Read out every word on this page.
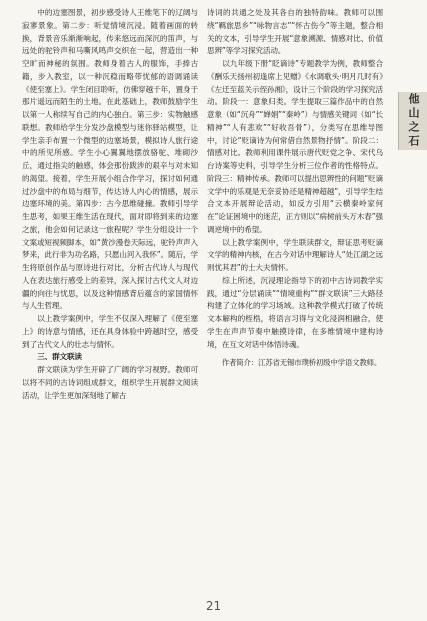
中的边塞图景，初步感受诗人王维笔下的辽阔与寂寥景象。第二步：听觉情境沉浸。随着画面的转换，背景音乐渐渐响起，传来悠远而深沉的笛声，与远处的驼铃声和马嘶风鸣声交织在一起，营造出一种空旷而神秘的氛围。教师身着古人的服饰，手捧古籍，步入教室，以一种沉稳而略带忧郁的语调诵读《使至塞上》。学生闭目聆听，仿佛穿越千年，置身于那片遥远而陌生的土地。在此基础上，教师鼓励学生以第一人称续写自己的内心独白。第三步：实物触感联想。教师给学生分发沙盘模型与迷你驿站模型，让学生亲手布置一个微型的边塞场景，模拟诗人旅行途中的所见所感。学生小心翼翼地摆放骆驼、堆砌沙丘，通过指尖的触感，体会那份跋涉的艰辛与对未知的渴望。接着，学生开展小组合作学习，探讨如何通过沙盘中的布局与细节，传达诗人内心的情感，展示边塞环境的美。第四步：古今思维碰撞。教师引导学生思考，如果王维生活在现代，面对即将到来的边塞之旅，他会如何记录这一旅程呢？学生分组设计一个文案或短视频脚本，如“黄沙漫卷天际远，驼铃声声入梦来，此行非为功名路，只愿山河入我怀”。随后，学生将原创作品与原诗进行对比，分析古代诗人与现代人在表达旅行感受上的差异，深入探讨古代文人对边疆的向往与忧思，以及这种情感背后蕴含的家国情怀与人生哲理。

以上教学案例中，学生不仅深入理解了《使至塞上》的诗意与情感，还在具身体验中跨越时空，感受到了古代文人的壮志与情怀。

三、群文联读

群文联读为学生开辟了广阔的学习视野。教师可以将不同的古诗词组成群文，组织学生开展群文阅读活动，让学生更加深刻地了解古

诗词的共通之处及其各自的独特韵味。教师可以围绕“羁旅思乡”“咏物言志”“怀古伤今”等主题，整合相关的文本，引导学生开展“意象溯源、情感对比、价值思辨”等学习探究活动。

以九年级下册“眨谪诗”专题教学为例，教师整合《酬乐天扬州初逢席上见赠》《水调歌头·明月几时有》《左迁至蓝关示侄孙湘》，设计三个阶段的学习探究活动。阶段一：意象归类。学生提取三篇作品中的自然意象（如“沉舟”“婵娟”“秦岭”）与情感关键词（如“长精神”“人有悲欢”“好收吾骨”），分类写在思维导图中，讨论“贬谪诗为何常借自然景物抒情”。阶段二：情感对比。教师利用课件展示唐代贬党之争、宋代乌台诗案等史料，引导学生分析三位作者的性格特点。阶段三：精神传承。教师可以提出思辨性的问题“贬谪文学中的乐观是无奈妥协还是精神超越”，引导学生结合文本开展辩论活动，如反方引用“云横秦岭家何在”论证困境中的迷茫，正方则以“病树前头万木春”强调逆境中的希望。

以上教学案例中，学生联读群文，辩证思考贬谪文学的精神内核，在古今对话中理解诗人“处江湖之远则忧其君”的士大夫情怀。

综上所述，沉浸理论指导下的初中古诗词教学实践，通过“分层诵读”“情境重构”“群文联读”三大路径构建了立体化的学习场域。这种教学模式打破了传统文本解构的桎梏，将语言习得与文化浸润相融合，使学生在声声节奏中触摸诗律，在多维情境中建构诗境，在互文对话中体悟诗魂。

作者简介：江苏省无锡市璞桥初级中学语文教师。

他山之石
21
